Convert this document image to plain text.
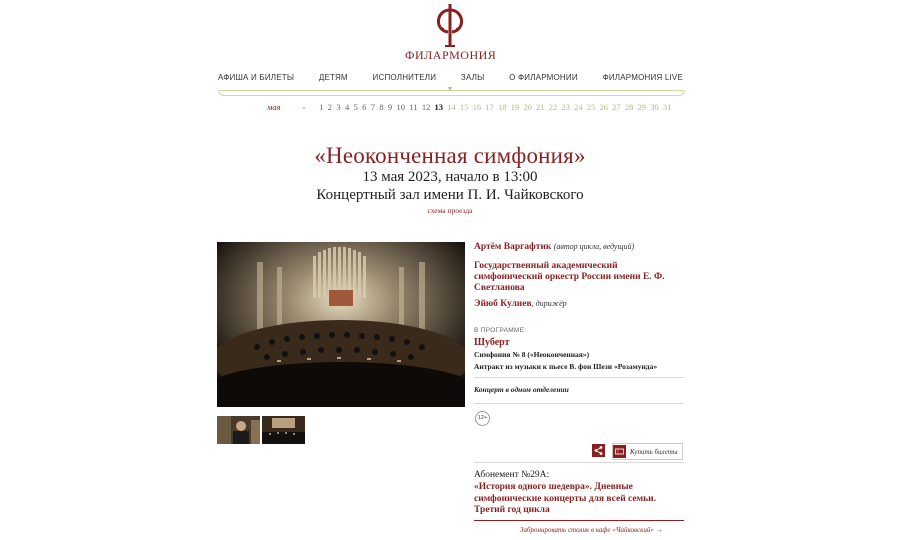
ФИЛАРМОНИЯ
АФИША И БИЛЕТЫ	ДЕТЯМ	ИСПОЛНИТЕЛИ	ЗАЛЫ	О ФИЛАРМОНИИ	ФИЛАРМОНИЯ LIVE
▼
мая	⌄	1 2 3 4 5 6 7 8 9 10 11 12 13 14 15 16 17 18 19 20 21 22 23 24 25 26 27 28 29 30 31
«Неоконченная симфония»
13 мая 2023, начало в 13:00
Концертный зал имени П. И. Чайковского
схема проезда
Артём Варгафтик (автор цикла, ведущий)
Государственный академический симфонический оркестр России имени Е. Ф. Светланова
Эйюб Кулиев, дирижёр
В ПРОГРАММЕ:
Шуберт
Симфония № 8 («Неоконченная»)
Антракт из музыки к пьесе В. фон Шези «Розамунда»
Концерт в одном отделении
12+
Купить билеты
Абонемент №29А:
«История одного шедевра». Дневные симфонические концерты для всей семьи. Третий год цикла
Забронировать столик в кафе «Чайковский» →
